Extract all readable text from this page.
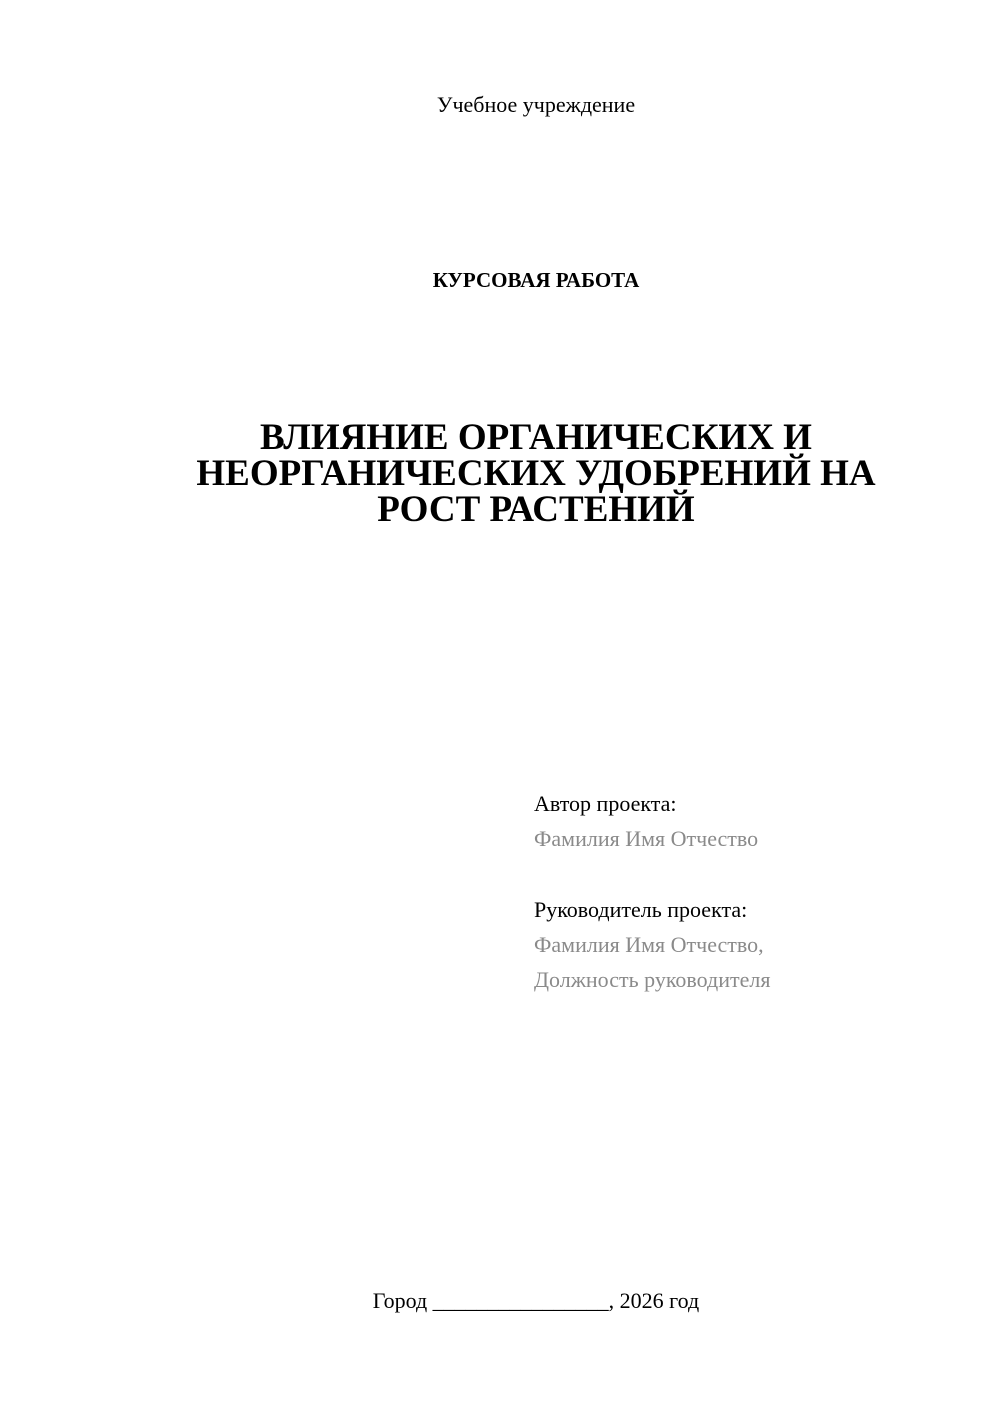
Учебное учреждение
КУРСОВАЯ РАБОТА
ВЛИЯНИЕ ОРГАНИЧЕСКИХ И
НЕОРГАНИЧЕСКИХ УДОБРЕНИЙ НА
РОСТ РАСТЕНИЙ
Автор проекта:
Фамилия Имя Отчество
Руководитель проекта:
Фамилия Имя Отчество,
Должность руководителя
Город ________________, 2026 год
